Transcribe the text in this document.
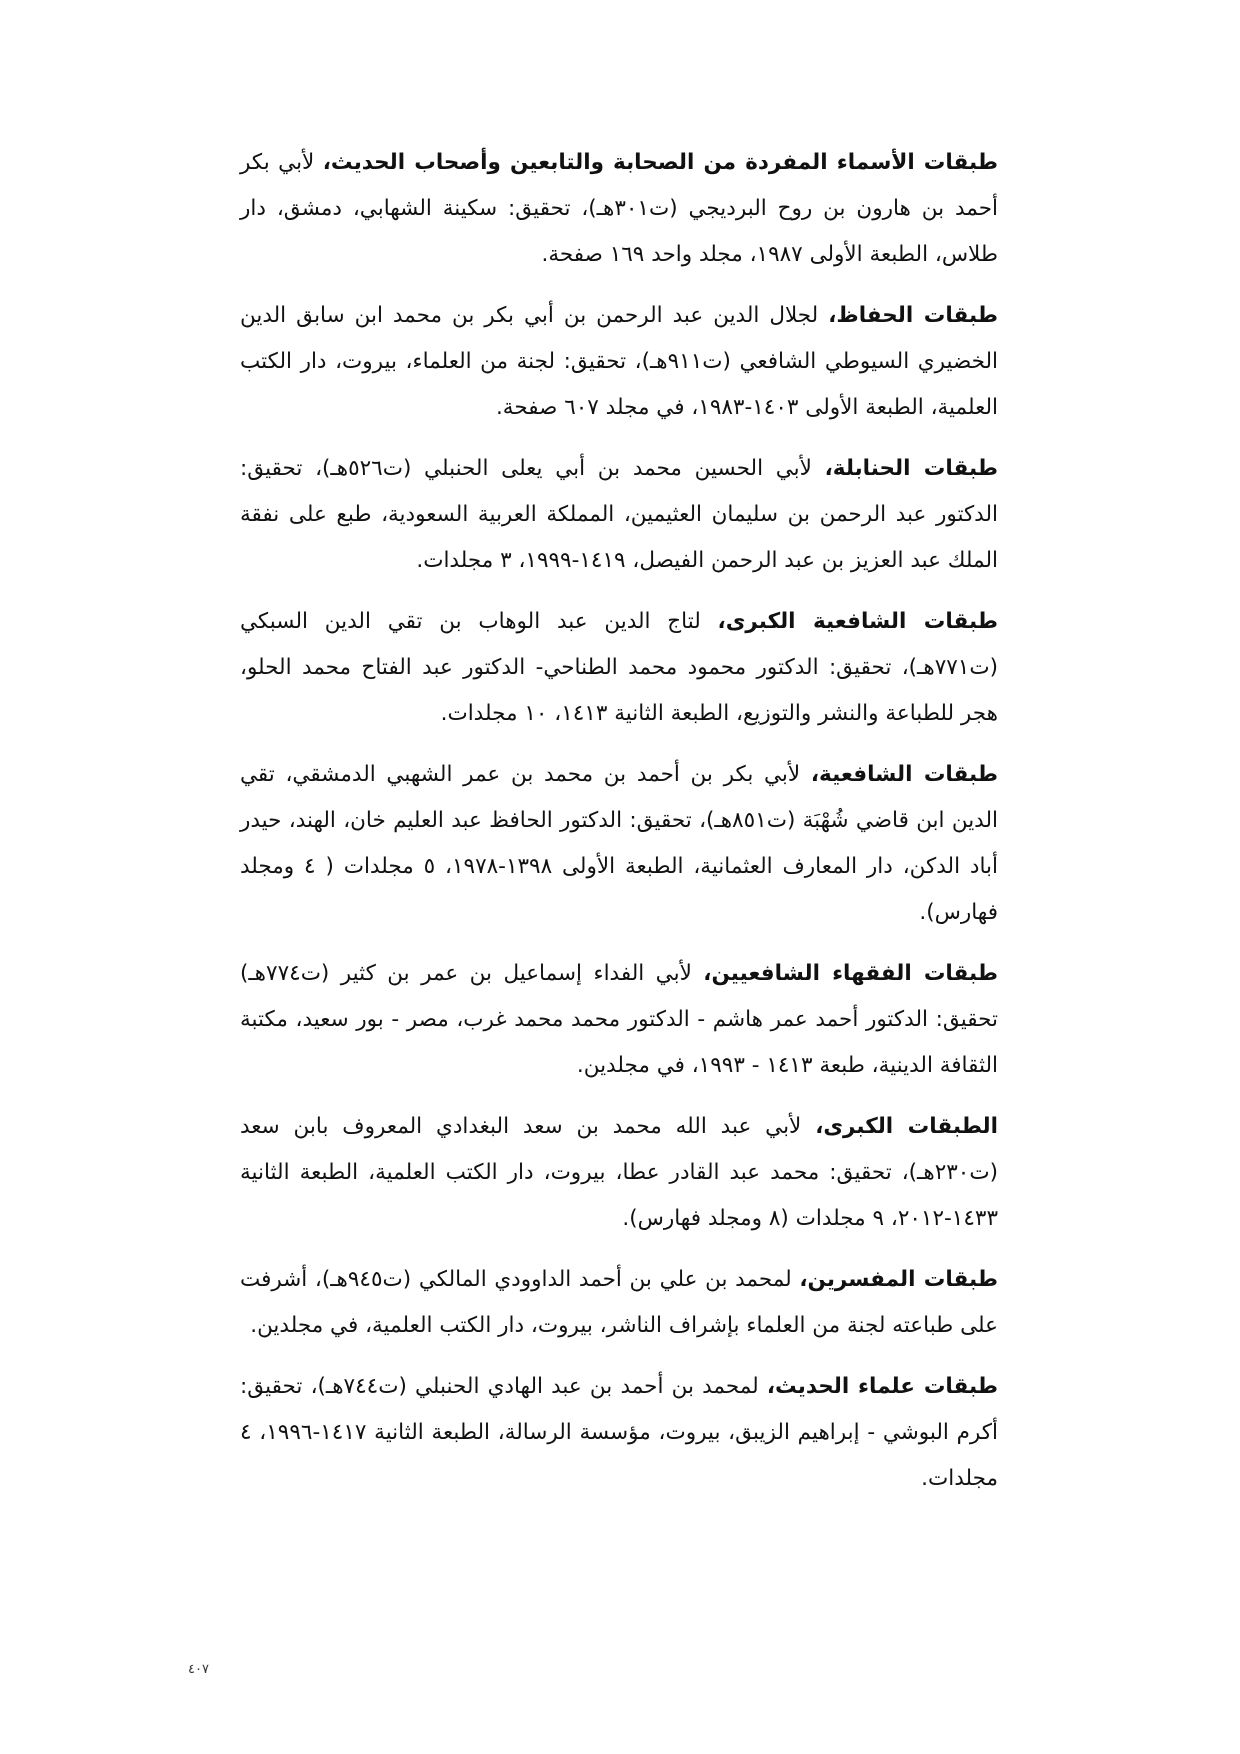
طبقات الأسماء المفردة من الصحابة والتابعين وأصحاب الحديث، لأبي بكر أحمد بن هارون بن روح البرديجي (ت٣٠١هـ)، تحقيق: سكينة الشهابي، دمشق، دار طلاس، الطبعة الأولى ١٩٨٧، مجلد واحد ١٦٩ صفحة.

طبقات الحفاظ، لجلال الدين عبد الرحمن بن أبي بكر بن محمد ابن سابق الدين الخضيري السيوطي الشافعي (ت٩١١هـ)، تحقيق: لجنة من العلماء، بيروت، دار الكتب العلمية، الطبعة الأولى ١٤٠٣-١٩٨٣، في مجلد ٦٠٧ صفحة.

طبقات الحنابلة، لأبي الحسين محمد بن أبي يعلى الحنبلي (ت٥٢٦هـ)، تحقيق: الدكتور عبد الرحمن بن سليمان العثيمين، المملكة العربية السعودية، طبع على نفقة الملك عبد العزيز بن عبد الرحمن الفيصل، ١٤١٩-١٩٩٩، ٣ مجلدات.

طبقات الشافعية الكبرى، لتاج الدين عبد الوهاب بن تقي الدين السبكي (ت٧٧١هـ)، تحقيق: الدكتور محمود محمد الطناحي- الدكتور عبد الفتاح محمد الحلو، هجر للطباعة والنشر والتوزيع، الطبعة الثانية ١٤١٣، ١٠ مجلدات.

طبقات الشافعية، لأبي بكر بن أحمد بن محمد بن عمر الشهبي الدمشقي، تقي الدين ابن قاضي شُهْبَة (ت٨٥١هـ)، تحقيق: الدكتور الحافظ عبد العليم خان، الهند، حيدر أباد الدكن، دار المعارف العثمانية، الطبعة الأولى ١٣٩٨-١٩٧٨، ٥ مجلدات ( ٤ ومجلد فهارس).

طبقات الفقهاء الشافعيين، لأبي الفداء إسماعيل بن عمر بن كثير (ت٧٧٤هـ) تحقيق: الدكتور أحمد عمر هاشم - الدكتور محمد محمد غرب، مصر - بور سعيد، مكتبة الثقافة الدينية، طبعة ١٤١٣ - ١٩٩٣، في مجلدين.

الطبقات الكبرى، لأبي عبد الله محمد بن سعد البغدادي المعروف بابن سعد (ت٢٣٠هـ)، تحقيق: محمد عبد القادر عطا، بيروت، دار الكتب العلمية، الطبعة الثانية ١٤٣٣-٢٠١٢، ٩ مجلدات (٨ ومجلد فهارس).

طبقات المفسرين، لمحمد بن علي بن أحمد الداوودي المالكي (ت٩٤٥هـ)، أشرفت على طباعته لجنة من العلماء بإشراف الناشر، بيروت، دار الكتب العلمية، في مجلدين.

طبقات علماء الحديث، لمحمد بن أحمد بن عبد الهادي الحنبلي (ت٧٤٤هـ)، تحقيق: أكرم البوشي - إبراهيم الزيبق، بيروت، مؤسسة الرسالة، الطبعة الثانية ١٤١٧-١٩٩٦، ٤ مجلدات.

٤٠٧
